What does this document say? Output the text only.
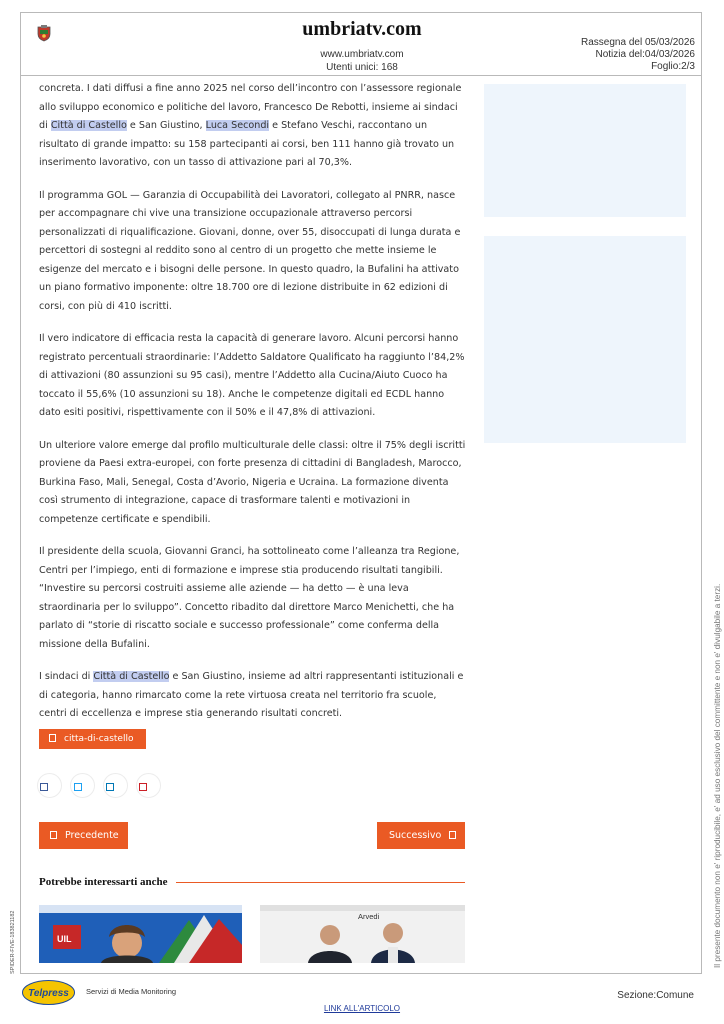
umbriatv.com
www.umbriatv.com
Utenti unici: 168
Rassegna del 05/03/2026
Notizia del:04/03/2026
Foglio:2/3

concreta. I dati diffusi a fine anno 2025 nel corso dell’incontro con l’assessore regionale allo sviluppo economico e politiche del lavoro, Francesco De Rebotti, insieme ai sindaci di Città di Castello e San Giustino, Luca Secondi e Stefano Veschi, raccontano un risultato di grande impatto: su 158 partecipanti ai corsi, ben 111 hanno già trovato un inserimento lavorativo, con un tasso di attivazione pari al 70,3%.

Il programma GOL — Garanzia di Occupabilità dei Lavoratori, collegato al PNRR, nasce per accompagnare chi vive una transizione occupazionale attraverso percorsi personalizzati di riqualificazione. Giovani, donne, over 55, disoccupati di lunga durata e percettori di sostegni al reddito sono al centro di un progetto che mette insieme le esigenze del mercato e i bisogni delle persone. In questo quadro, la Bufalini ha attivato un piano formativo imponente: oltre 18.700 ore di lezione distribuite in 62 edizioni di corsi, con più di 410 iscritti.

Il vero indicatore di efficacia resta la capacità di generare lavoro. Alcuni percorsi hanno registrato percentuali straordinarie: l’Addetto Saldatore Qualificato ha raggiunto l’84,2% di attivazioni (80 assunzioni su 95 casi), mentre l’Addetto alla Cucina/Aiuto Cuoco ha toccato il 55,6% (10 assunzioni su 18). Anche le competenze digitali ed ECDL hanno dato esiti positivi, rispettivamente con il 50% e il 47,8% di attivazioni.

Un ulteriore valore emerge dal profilo multiculturale delle classi: oltre il 75% degli iscritti proviene da Paesi extra-europei, con forte presenza di cittadini di Bangladesh, Marocco, Burkina Faso, Mali, Senegal, Costa d’Avorio, Nigeria e Ucraina. La formazione diventa così strumento di integrazione, capace di trasformare talenti e motivazioni in competenze certificate e spendibili.

Il presidente della scuola, Giovanni Granci, ha sottolineato come l’alleanza tra Regione, Centri per l’impiego, enti di formazione e imprese stia producendo risultati tangibili. “Investire su percorsi costruiti assieme alle aziende — ha detto — è una leva straordinaria per lo sviluppo”. Concetto ribadito dal direttore Marco Menichetti, che ha parlato di “storie di riscatto sociale e successo professionale” come conferma della missione della Bufalini.

I sindaci di Città di Castello e San Giustino, insieme ad altri rappresentanti istituzionali e di categoria, hanno rimarcato come la rete virtuosa creata nel territorio fra scuole, centri di eccellenza e imprese stia generando risultati concreti.

citta-di-castello
Precedente	Successivo
Potrebbe interessarti anche
UIL
Arvedi	Il presente documento non e' riproducibile, e' ad uso esclusivo del committente e non e' divulgabile a terzi.
SPIDER-FIVE-183821182
Telpress Servizi di Media Monitoring	Sezione:Comune
LINK ALL'ARTICOLO
